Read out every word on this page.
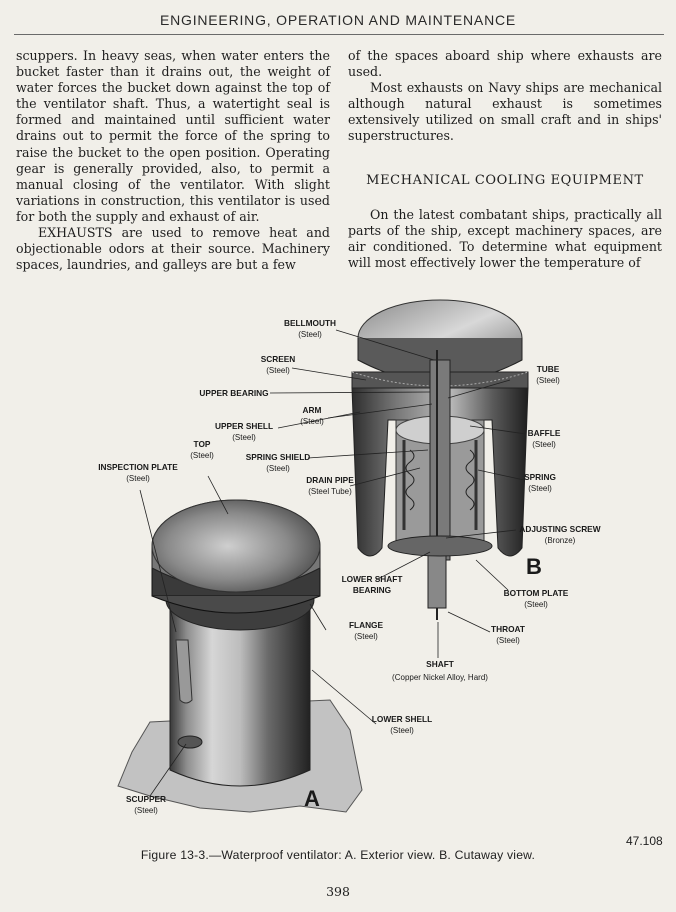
ENGINEERING, OPERATION AND MAINTENANCE

scuppers. In heavy seas, when water enters the bucket faster than it drains out, the weight of water forces the bucket down against the top of the ventilator shaft. Thus, a watertight seal is formed and maintained until sufficient water drains out to permit the force of the spring to raise the bucket to the open position. Operating gear is generally provided, also, to permit a manual closing of the ventilator. With slight variations in construction, this ventilator is used for both the supply and exhaust of air.

EXHAUSTS are used to remove heat and objectionable odors at their source. Machinery spaces, laundries, and galleys are but a few

of the spaces aboard ship where exhausts are used.

Most exhausts on Navy ships are mechanical although natural exhaust is sometimes extensively utilized on small craft and in ships' superstructures.

MECHANICAL COOLING EQUIPMENT

On the latest combatant ships, practically all parts of the ship, except machinery spaces, are air conditioned. To determine what equipment will most effectively lower the temperature of

BELLMOUTH
(Steel)
SCREEN
(Steel)
UPPER BEARING
ARM
(Steel)
UPPER SHELL
(Steel)
TOP
(Steel)	SPRING SHIELD
(Steel)
INSPECTION PLATE
(Steel)	DRAIN PIPE
(Steel Tube)
TUBE
(Steel)
BAFFLE
(Steel)
SPRING
(Steel)
ADJUSTING SCREW
(Bronze)
B
LOWER SHAFT
BEARING	BOTTOM PLATE
(Steel)
THROAT
(Steel)
FLANGE
(Steel)
SHAFT
(Copper Nickel Alloy, Hard)
LOWER SHELL
(Steel)
A
SCUPPER
(Steel)
47.108
Figure 13-3.—Waterproof ventilator: A. Exterior view. B. Cutaway view.
398
